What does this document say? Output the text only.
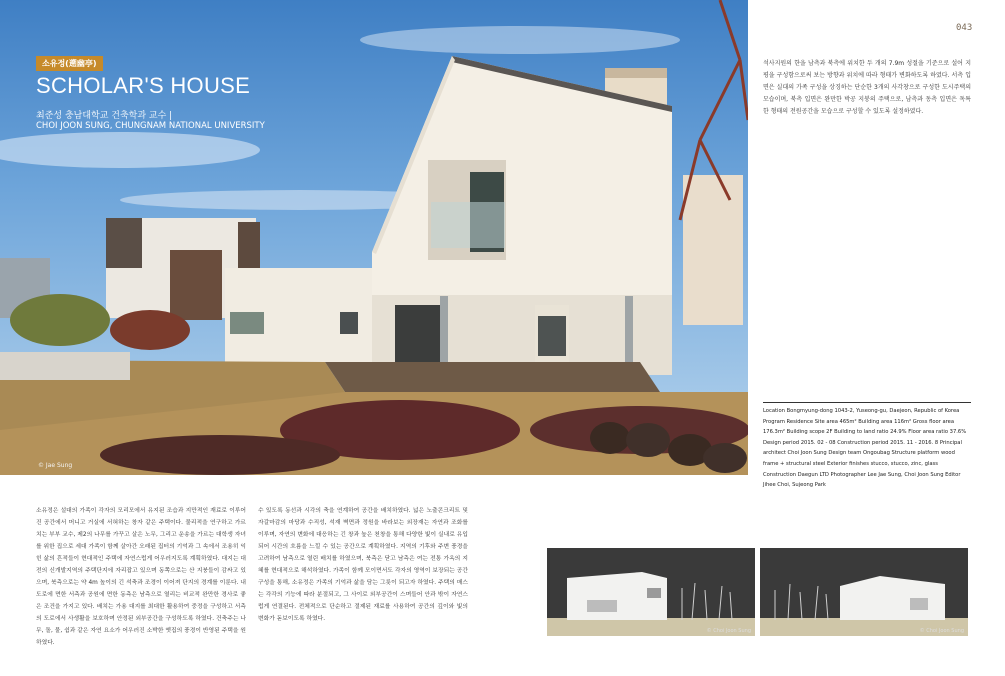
© Jae Sung
소유정(遡幽亭)
SCHOLAR'S HOUSE
최준성 충남대학교 건축학과 교수 |
CHOI JOON SUNG, CHUNGNAM NATIONAL UNIVERSITY
043

석사지원의 한을 남측과 북측에 위치한 두 개의 7.9m 성절을 기준으로 설어 지평을 구성함으로써 보는 방향과 위치에 따라 형태가 변화하도록 하였다. 서측 입면은 실대의 가족 구성을 상징하는 단순한 3개의 사각창으로 구성한 도시주택의 모습이며, 북측 입면은 완만한 박공 지붕의 주택으로, 남측과 동측 입면은 독특한 형태의 전원공간을 모습으로 구성할 수 있도록 설정하였다.

Location Bongmyung-dong 1043-2, Yuseong-gu, Daejeon, Republic of Korea Program Residence Site area 465m² Building area 116m² Gross floor area 176.3m² Building scope 2F Building to land ratio 24.9% Floor area ratio 37.6% Design period 2015. 02 - 08 Construction period 2015. 11 - 2016. 8 Principal architect Choi Joon Sung Design team Ongoubag Structure platform wood frame + structural steel Exterior finishes stucco, stucco, zinc, glass Construction Daegun LTD Photographer Lee Jae Sung, Choi Joon Sung Editor Jihee Choi, Sujeong Park
소유정은 설대의 가족이 각자의 모리모에서 유지된 조습과 지만적인 재료로 이루어진 공간에서 머니고 거실에 서혀하는 창자 같은 주택이다. 물리적을 연구하고 가르치는 부부 교수, 제2의 나무를 가꾸고 살은 노무, 그리고 운송을 가르는 대학생 자녀를 위한 집으로 세대 가족이 함께 살아간 오래된 집터의 기억과 그 속에서 조용히 익힌 삶의 흔적들이 현대적인 주택에 자연스럽게 어우러지도록 계획하였다. 대지는 대전의 신개발지역의 주택단지에 자리잡고 있으며 동쪽으로는 산 지붕들이 감싸고 있으며, 북측으로는 약 4m 높이의 긴 석축과 조경이 이어져 단지의 경계를 이룬다. 내 도로에 면한 서측과 공원에 면한 동측은 남측으로 열리는 비교적 완만한 경사로 좋은 조건을 가지고 있다. 배치는 가용 대지를 최대한 활용하여 중정을 구성하고 서측의 도로에서 사생활을 보호하며 안정된 외부공간을 구성하도록 하였다. 건축주는 나무, 돌, 물, 쉼과 같은 자연 요소가 어우러진 소박한 옛집의 풍경이 반영된 주택을 원하였다.
수 있도록 동선과 시각의 축을 연계하여 공간을 배치하였다. 넓은 노출콘크리트 및 자갈마감의 마당과 수직성, 석재 벽면과 정원을 바라보는 외장재는 자연과 조화를 이루며, 자연의 변화에 대응하는 긴 창과 높은 천창을 통해 다양한 빛이 실내로 유입되어 시간의 흐름을 느낄 수 있는 공간으로 계획하였다. 지역의 기후와 주변 풍경을 고려하여 남측으로 열린 배치를 하였으며, 북측은 닫고 남측은 여는 전통 가옥의 지혜를 현대적으로 해석하였다. 가족이 함께 모이면서도 각자의 영역이 보장되는 공간 구성을 통해, 소유정은 가족의 기억과 삶을 담는 그릇이 되고자 하였다. 주택의 매스는 각각의 기능에 따라 분절되고, 그 사이로 외부공간이 스며들어 안과 밖이 자연스럽게 연결된다. 전체적으로 단순하고 절제된 재료를 사용하여 공간의 깊이와 빛의 변화가 돋보이도록 하였다.
© Choi Joon Sung	© Choi Joon Sung
